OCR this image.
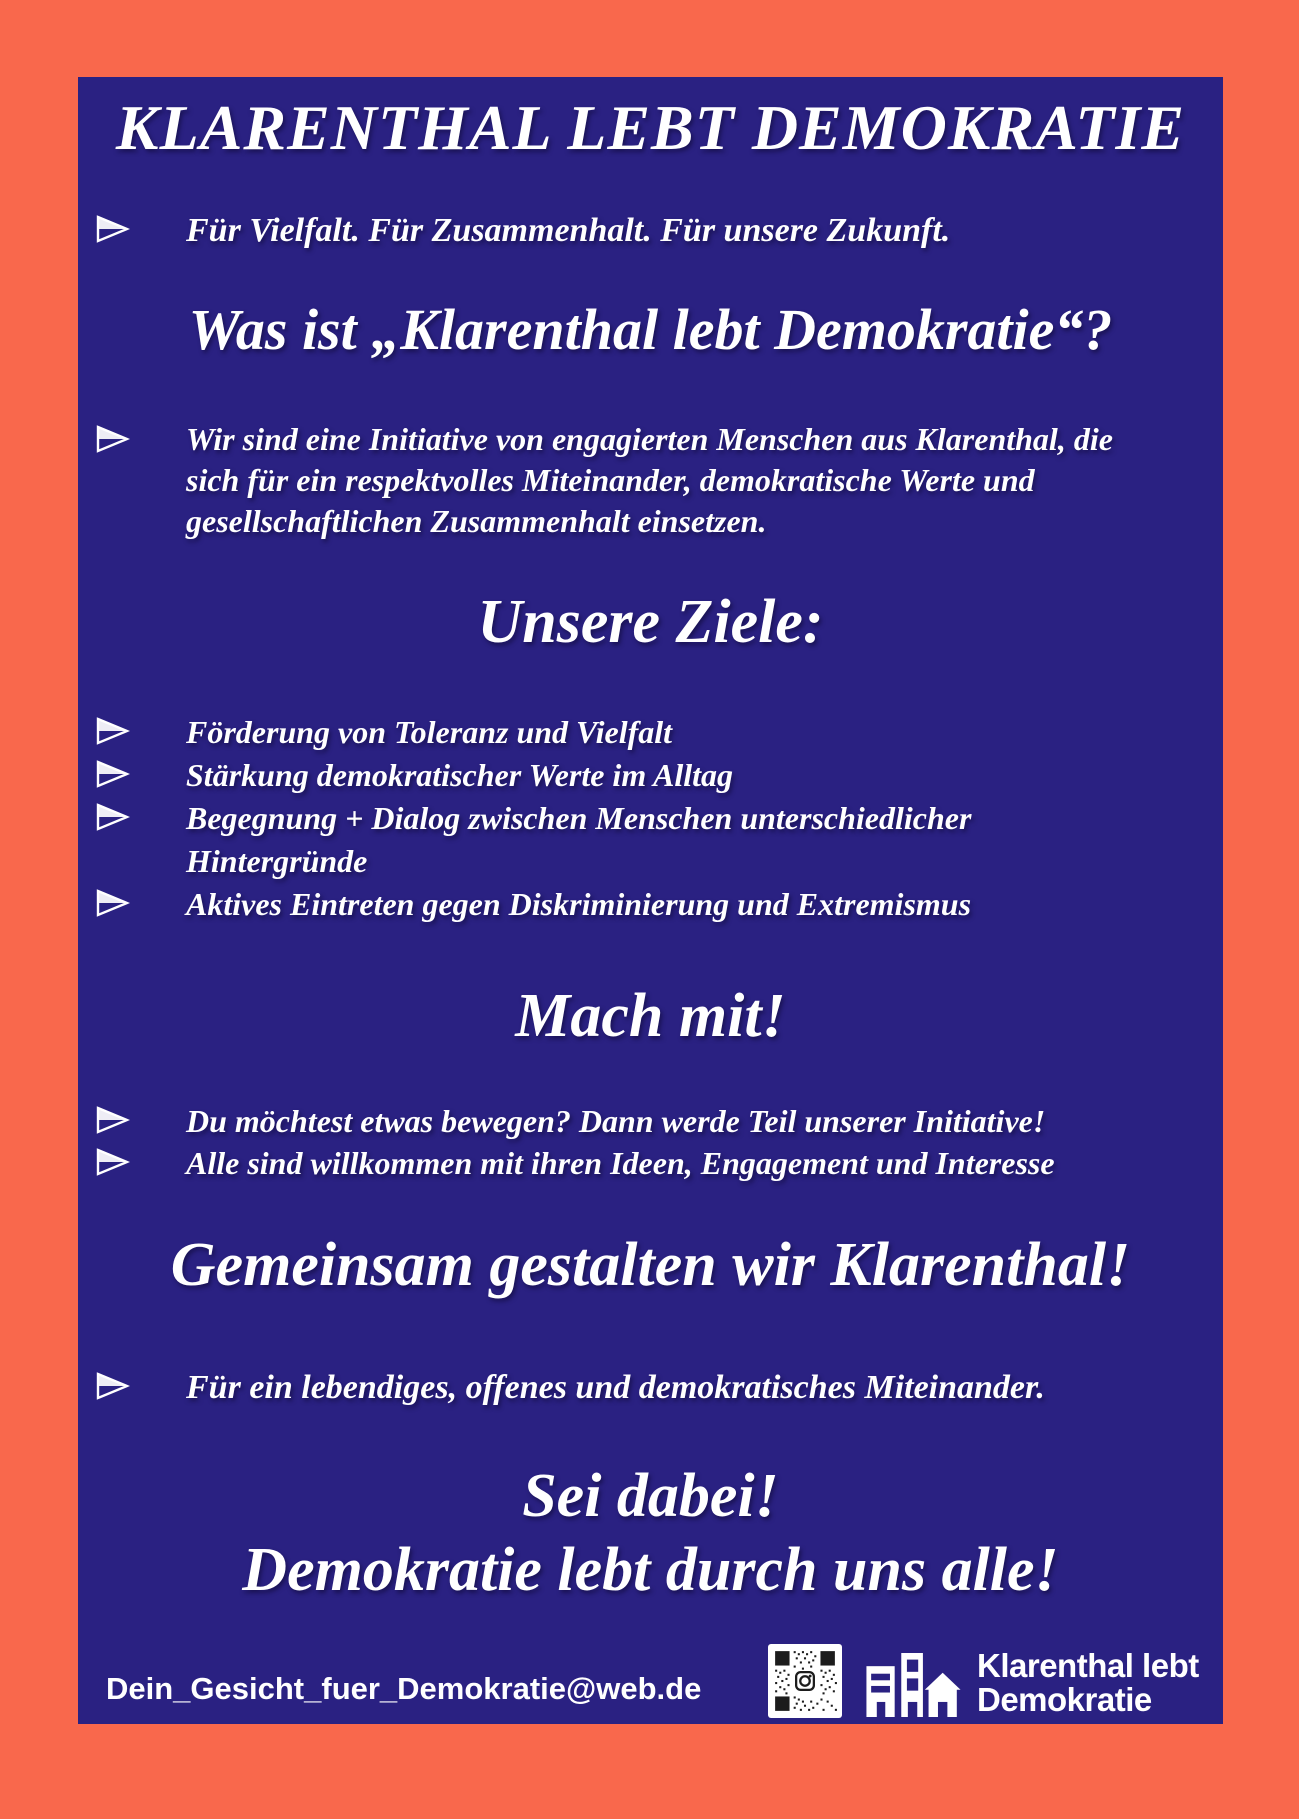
KLARENTHAL LEBT DEMOKRATIE
Für Vielfalt. Für Zusammenhalt. Für unsere Zukunft.
Was ist „Klarenthal lebt Demokratie“?
Wir sind eine Initiative von engagierten Menschen aus Klarenthal, die sich für ein respektvolles Miteinander, demokratische Werte und gesellschaftlichen Zusammenhalt einsetzen.
Unsere Ziele:
Förderung von Toleranz und Vielfalt
Stärkung demokratischer Werte im Alltag
Begegnung + Dialog zwischen Menschen unterschiedlicher Hintergründe
Aktives Eintreten gegen Diskriminierung und Extremismus
Mach mit!
Du möchtest etwas bewegen? Dann werde Teil unserer Initiative!
Alle sind willkommen mit ihren Ideen, Engagement und Interesse
Gemeinsam gestalten wir Klarenthal!
Für ein lebendiges, offenes und demokratisches Miteinander.
Sei dabei!
Demokratie lebt durch uns alle!
Dein_Gesicht_fuer_Demokratie@web.de
Klarenthal lebt
Demokratie
